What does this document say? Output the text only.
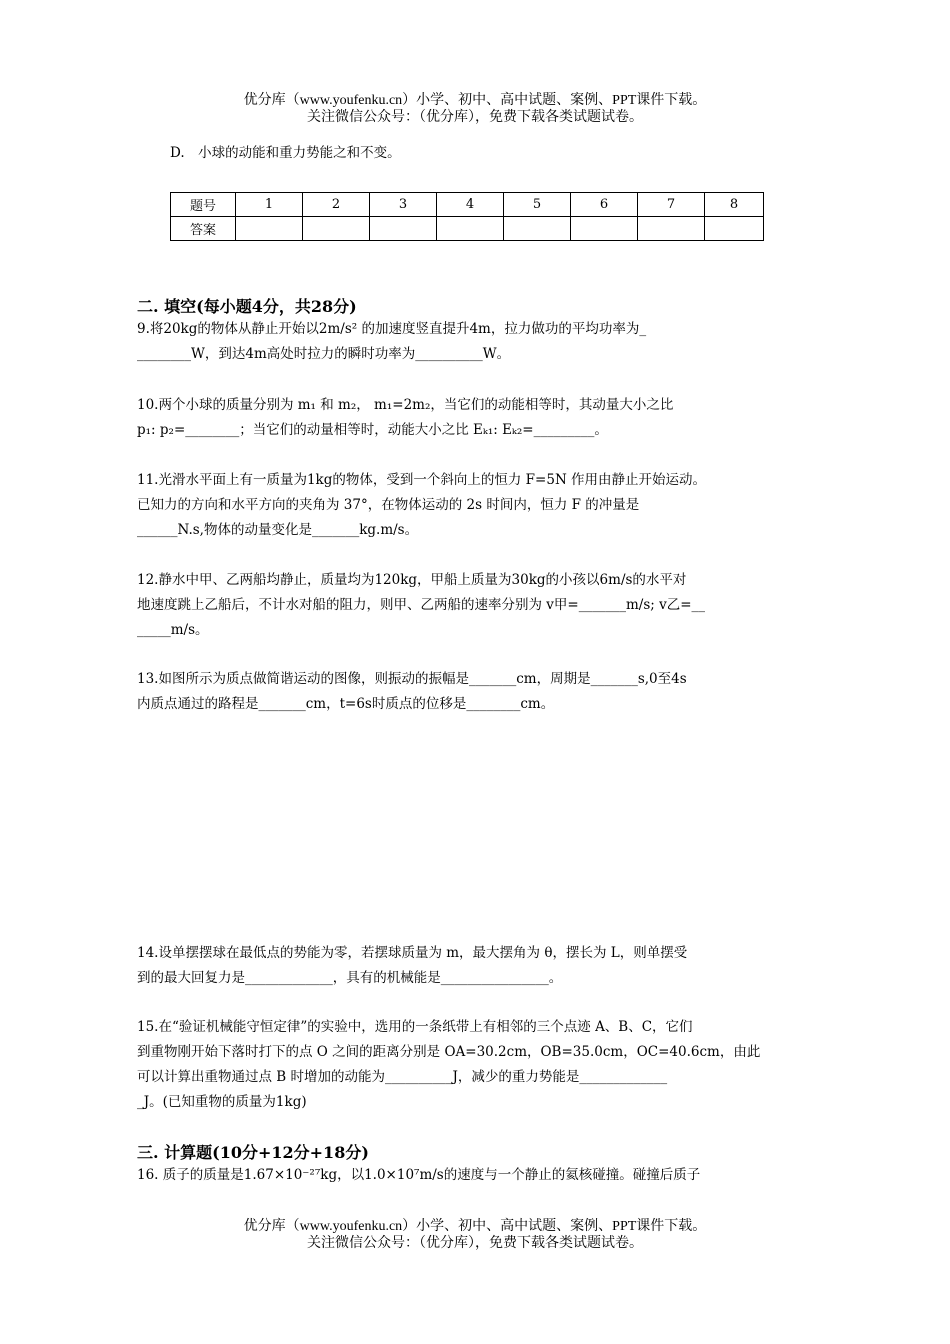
优分库（www.youfenku.cn）小学、初中、高中试题、案例、PPT课件下载。
关注微信公众号：（优分库），免费下载各类试题试卷。
D.　小球的动能和重力势能之和不变。
题号	1	2	3	4	5	6	7	8
答案								
二. 填空(每小题4分，共28分)
9.将20kg的物体从静止开始以2m/s² 的加速度竖直提升4m，拉力做功的平均功率为_
________W，到达4m高处时拉力的瞬时功率为__________W。
10.两个小球的质量分别为 m₁ 和 m₂， m₁=2m₂，当它们的动能相等时，其动量大小之比
p₁: p₂=________；当它们的动量相等时，动能大小之比 Eₖ₁: Eₖ₂=_________。
11.光滑水平面上有一质量为1kg的物体，受到一个斜向上的恒力 F=5N 作用由静止开始运动。
已知力的方向和水平方向的夹角为 37°，在物体运动的 2s 时间内，恒力 F 的冲量是
______N.s,物体的动量变化是_______kg.m/s。
12.静水中甲、乙两船均静止，质量均为120kg，甲船上质量为30kg的小孩以6m/s的水平对
地速度跳上乙船后，不计水对船的阻力，则甲、乙两船的速率分别为 v甲=_______m/s; v乙=__
_____m/s。
13.如图所示为质点做简谐运动的图像，则振动的振幅是_______cm，周期是_______s,0至4s
内质点通过的路程是_______cm，t=6s时质点的位移是________cm。
14.设单摆摆球在最低点的势能为零，若摆球质量为 m，最大摆角为 θ，摆长为 L，则单摆受
到的最大回复力是_____________，具有的机械能是________________。
15.在“验证机械能守恒定律”的实验中，选用的一条纸带上有相邻的三个点迹 A、B、C，它们
到重物刚开始下落时打下的点 O 之间的距离分别是 OA=30.2cm，OB=35.0cm，OC=40.6cm，由此
可以计算出重物通过点 B 时增加的动能为__________J，减少的重力势能是_____________
_J。(已知重物的质量为1kg)
三. 计算题(10分+12分+18分)
16. 质子的质量是1.67×10⁻²⁷kg，以1.0×10⁷m/s的速度与一个静止的氦核碰撞。碰撞后质子
优分库（www.youfenku.cn）小学、初中、高中试题、案例、PPT课件下载。
关注微信公众号：（优分库），免费下载各类试题试卷。
